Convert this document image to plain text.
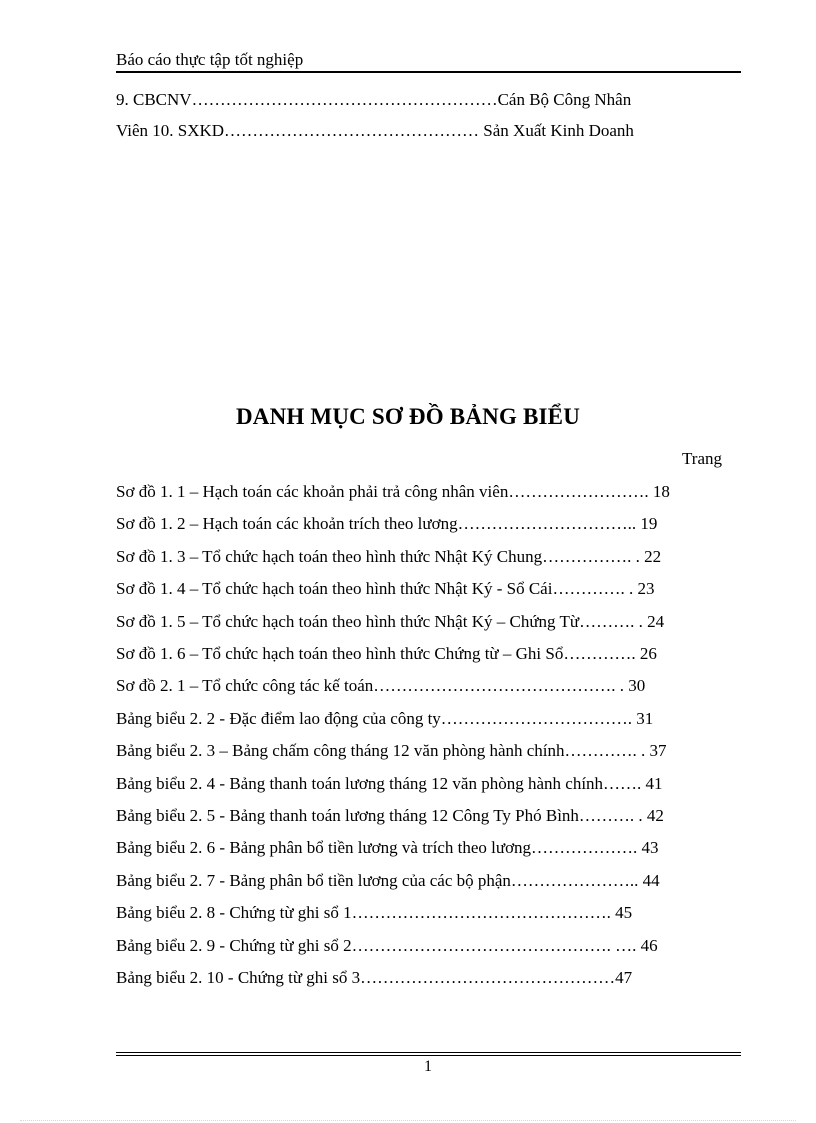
Báo cáo thực tập tốt nghiệp
9. CBCNV………………………………………………Cán Bộ Công Nhân
Viên 10. SXKD……………………………………… Sản Xuất Kinh Doanh
DANH MỤC SƠ ĐỒ BẢNG BIỂU
Trang
Sơ đồ 1. 1 – Hạch toán các khoản phải trả công nhân viên……………………. 18
Sơ đồ 1. 2 – Hạch toán các khoản trích theo lương………………………….. 19
Sơ đồ 1. 3 – Tổ chức hạch toán theo hình thức Nhật Ký Chung……………. . 22
Sơ đồ 1. 4 – Tổ chức hạch toán theo hình thức Nhật Ký - Sổ Cái…………. . 23
Sơ đồ 1. 5 – Tổ chức hạch toán theo hình thức Nhật Ký – Chứng Từ………. . 24
Sơ đồ 1. 6 – Tổ chức hạch toán theo hình thức Chứng từ – Ghi Sổ…………. 26
Sơ đồ 2. 1 – Tổ chức công tác kế toán……………………………………. . 30
Bảng biểu 2. 2 - Đặc điểm lao động của công ty……………………………. 31
Bảng biểu 2. 3 – Bảng chấm công tháng 12 văn phòng hành chính…………. . 37
Bảng biểu 2. 4 - Bảng thanh toán lương tháng 12 văn phòng hành chính……. 41
Bảng biểu 2. 5 - Bảng thanh toán lương tháng 12 Công Ty Phó Bình………. . 42
Bảng biểu 2. 6 - Bảng phân bổ tiền lương và trích theo lương………………. 43
Bảng biểu 2. 7 - Bảng phân bổ tiền lương của các bộ phận………………….. 44
Bảng biểu 2. 8 - Chứng từ ghi sổ 1………………………………………. 45
Bảng biểu 2. 9 - Chứng từ ghi sổ 2………………………………………. …. 46
Bảng biểu 2. 10 - Chứng từ ghi sổ 3………………………………………47
1
